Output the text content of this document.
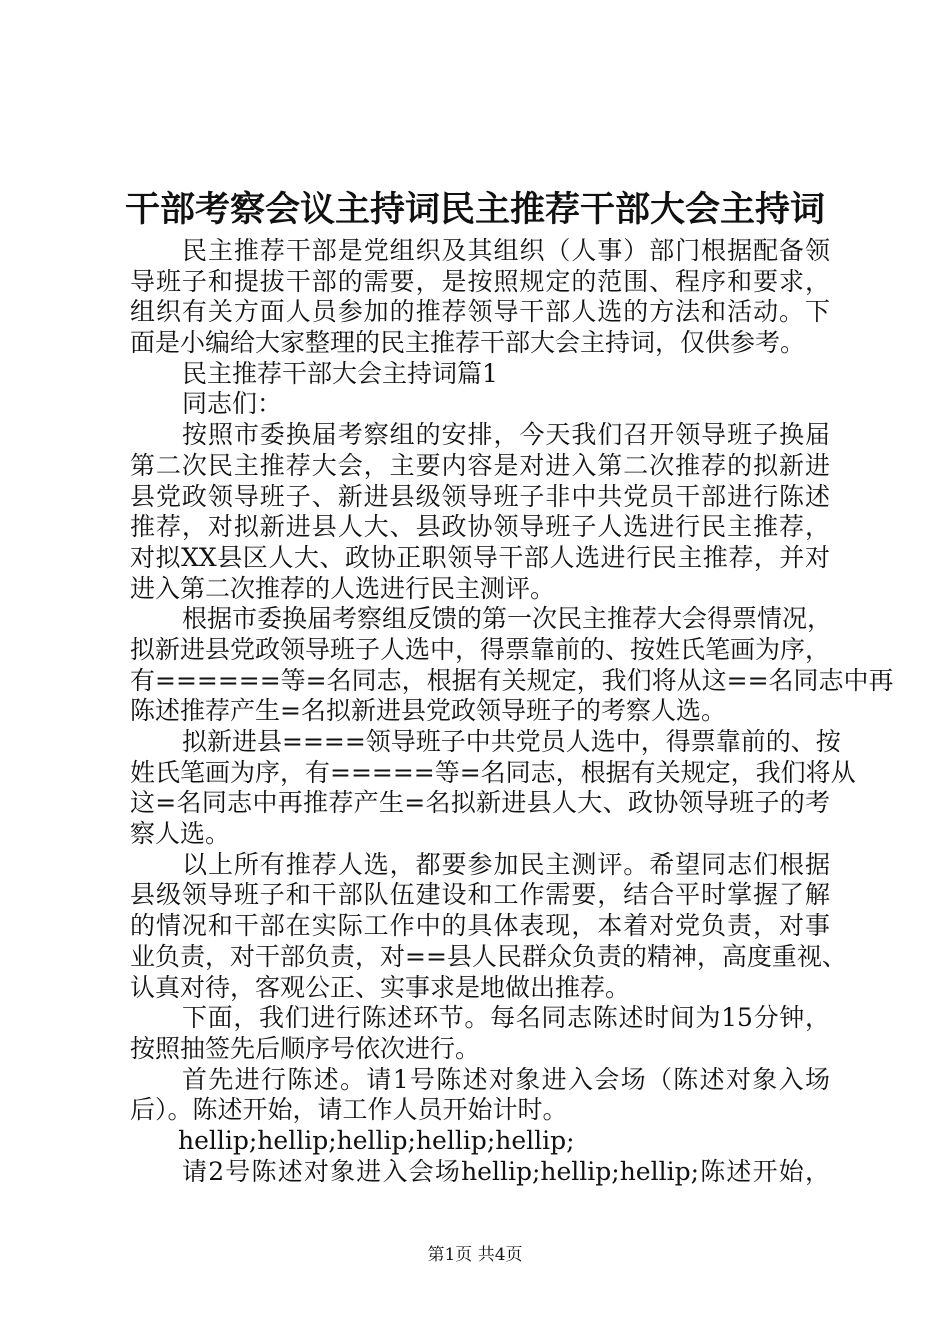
干部考察会议主持词民主推荐干部大会主持词
民主推荐干部是党组织及其组织（人事）部门根据配备领
导班子和提拔干部的需要，是按照规定的范围、程序和要求，
组织有关方面人员参加的推荐领导干部人选的方法和活动。下
面是小编给大家整理的民主推荐干部大会主持词，仅供参考。
民主推荐干部大会主持词篇1
同志们：
按照市委换届考察组的安排，今天我们召开领导班子换届
第二次民主推荐大会，主要内容是对进入第二次推荐的拟新进
县党政领导班子、新进县级领导班子非中共党员干部进行陈述
推荐，对拟新进县人大、县政协领导班子人选进行民主推荐，
对拟XX县区人大、政协正职领导干部人选进行民主推荐，并对
进入第二次推荐的人选进行民主测评。
根据市委换届考察组反馈的第一次民主推荐大会得票情况，
拟新进县党政领导班子人选中，得票靠前的、按姓氏笔画为序，
有======等=名同志，根据有关规定，我们将从这==名同志中再
陈述推荐产生=名拟新进县党政领导班子的考察人选。
拟新进县====领导班子中共党员人选中，得票靠前的、按
姓氏笔画为序，有=====等=名同志，根据有关规定，我们将从
这=名同志中再推荐产生=名拟新进县人大、政协领导班子的考
察人选。
以上所有推荐人选，都要参加民主测评。希望同志们根据
县级领导班子和干部队伍建设和工作需要，结合平时掌握了解
的情况和干部在实际工作中的具体表现，本着对党负责，对事
业负责，对干部负责，对==县人民群众负责的精神，高度重视、
认真对待，客观公正、实事求是地做出推荐。
下面，我们进行陈述环节。每名同志陈述时间为15分钟，
按照抽签先后顺序号依次进行。
首先进行陈述。请1号陈述对象进入会场（陈述对象入场
后）。陈述开始，请工作人员开始计时。
hellip;hellip;hellip;hellip;hellip;
请2号陈述对象进入会场hellip;hellip;hellip;陈述开始，
第1页 共4页
